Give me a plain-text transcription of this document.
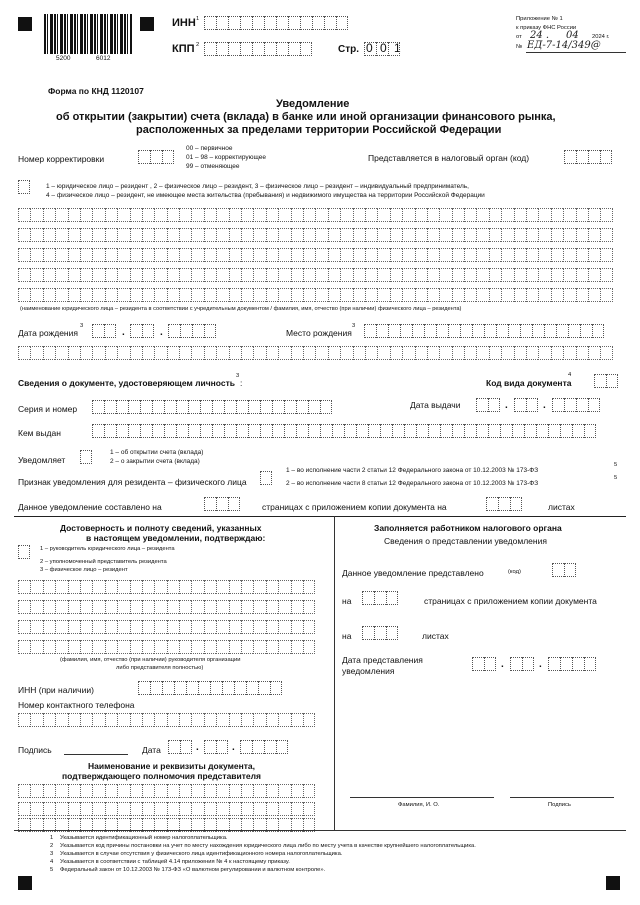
5200	6012
ИНН 1
КПП 2	Стр. 0 0 1
Приложение № 1
к приказу ФНС России
от 24 . 04 2024 г.
№ ЕД-7-14/349@
Форма по КНД 1120107
Уведомление
об открытии (закрытии) счета (вклада) в банке или иной организации финансового рынка,
расположенных за пределами территории Российской Федерации
Номер корректировки
00 – первичное
01 – 98 – корректирующее
99 – отменяющее
Представляется в налоговый орган (код)
1 – юридическое лицо – резидент , 2 – физическое лицо – резидент, 3 – физическое лицо – резидент – индивидуальный предприниматель,
4 – физическое лицо – резидент, не имеющее места жительства (пребывания) и недвижимого имущества на территории Российской Федерации
(наименование юридического лица – резидента в соответствии с учредительным документом / фамилия, имя, отчество (при наличии) физического лица – резидента)
Дата рождения
3
.	.	Место рождения
3
Сведения о документе, удостоверяющем личность
3
:	Код вида документа
4
Серия и номер	Дата выдачи	.	.
Кем выдан
Уведомляет
1 – об открытии счета (вклада)
2 – о закрытии счета (вклада)
Признак уведомления для резидента – физического лица
1 – во исполнение части 2 статьи 12 Федерального закона от 10.12.2003 № 173-ФЗ
2 – во исполнение части 8 статьи 12 Федерального закона от 10.12.2003 № 173-ФЗ
5
5
Данное уведомление составлено на	страницах с приложением копии документа на	листах
Достоверность и полноту сведений, указанных
в настоящем уведомлении, подтверждаю:
1 – руководитель юридического лица – резидента
2 – уполномоченный представитель резидента
3 – физическое лицо – резидент
(фамилия, имя, отчество (при наличии) руководителя организации
либо представителя полностью)
ИНН (при наличии)
Номер контактного телефона
Подпись	Дата	.	.
Наименование и реквизиты документа,
подтверждающего полномочия представителя
Заполняется работником налогового органа
Сведения о представлении уведомления
Данное уведомление представлено	(код)
на	страницах с приложением копии документа
на	листах
Дата представления
уведомления
.	.
Фамилия, И. О.	Подпись
1 Указывается идентификационный номер налогоплательщика.
2 Указывается код причины постановки на учет по месту нахождения юридического лица либо по месту учета в качестве крупнейшего налогоплательщика.
3 Указывается в случае отсутствия у физического лица идентификационного номера налогоплательщика.
4 Указывается в соответствии с таблицей 4.14 приложения № 4 к настоящему приказу.
5 Федеральный закон от 10.12.2003 № 173-ФЗ «О валютном регулировании и валютном контроле».
